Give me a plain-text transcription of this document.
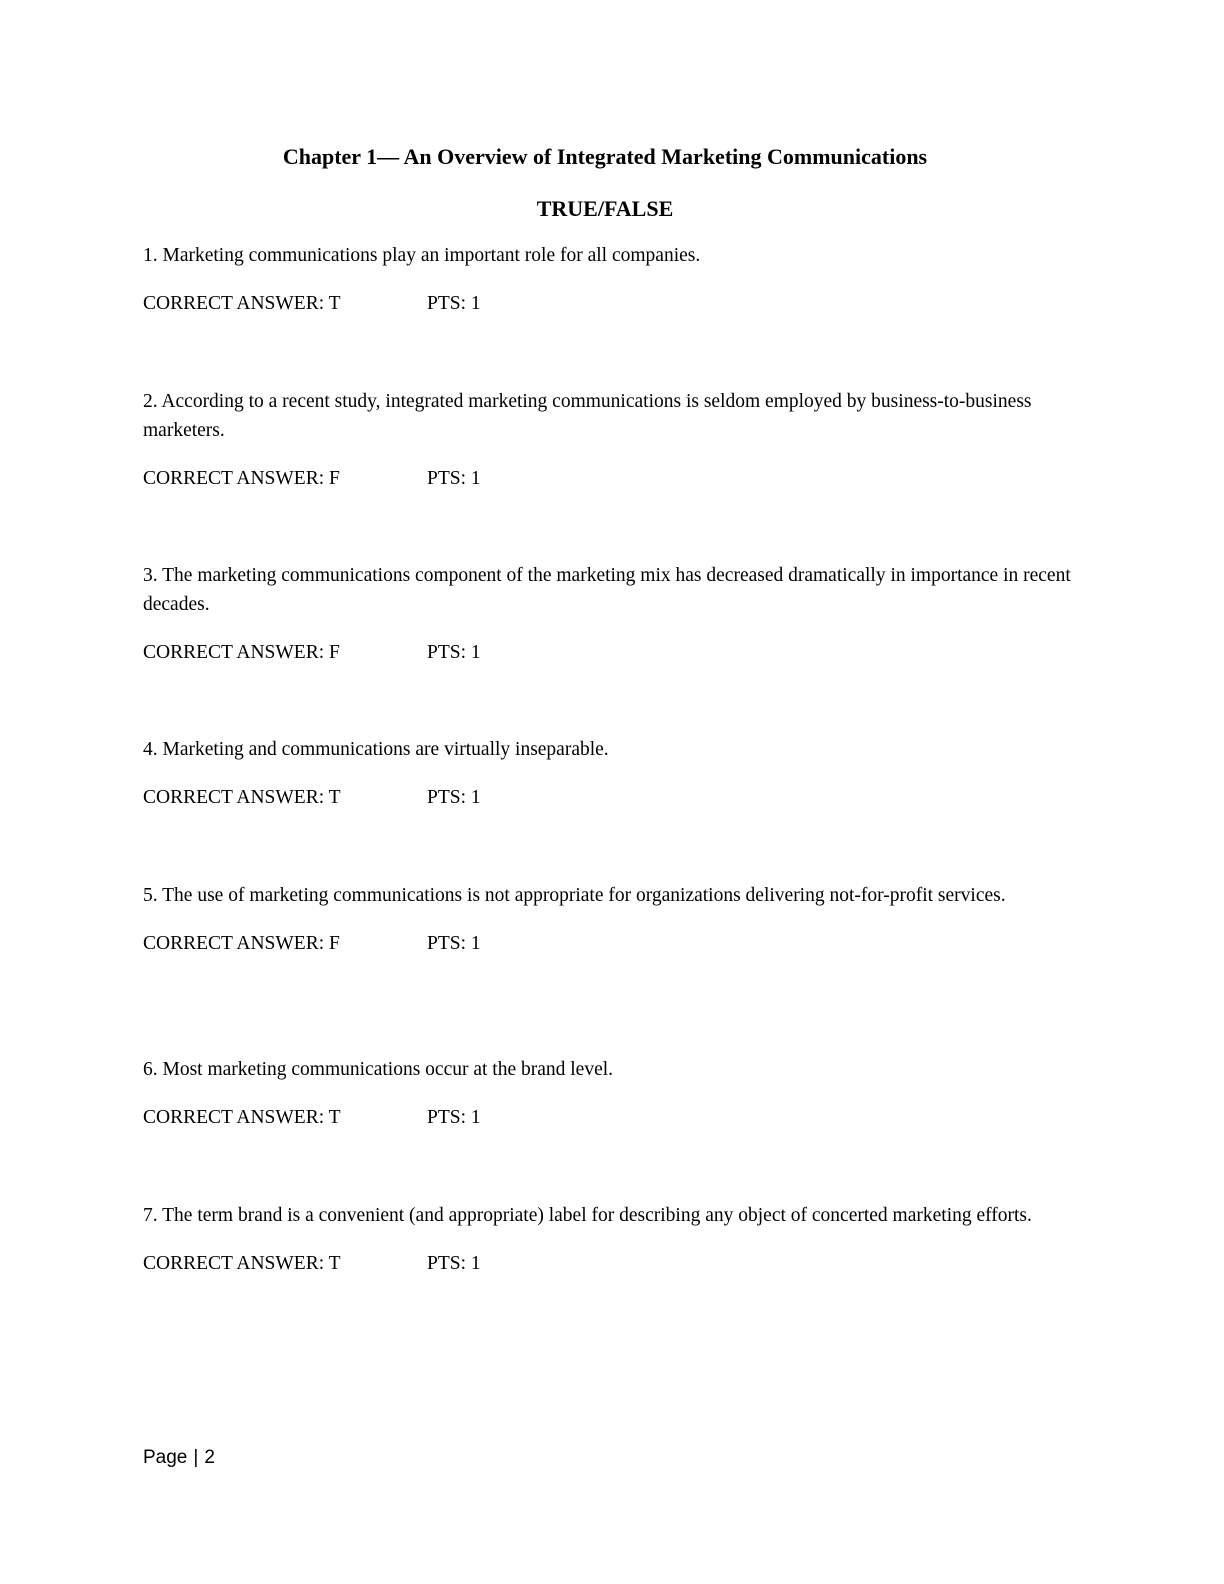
Chapter 1— An Overview of Integrated Marketing Communications
TRUE/FALSE

1. Marketing communications play an important role for all companies.

CORRECT ANSWER: T	PTS: 1

2. According to a recent study, integrated marketing communications is seldom employed by business-to-business marketers.

CORRECT ANSWER: F	PTS: 1

3. The marketing communications component of the marketing mix has decreased dramatically in importance in recent decades.

CORRECT ANSWER: F	PTS: 1

4. Marketing and communications are virtually inseparable.

CORRECT ANSWER: T	PTS: 1

5. The use of marketing communications is not appropriate for organizations delivering not-for-profit services.

CORRECT ANSWER: F	PTS: 1

6. Most marketing communications occur at the brand level.

CORRECT ANSWER: T	PTS: 1

7. The term brand is a convenient (and appropriate) label for describing any object of concerted marketing efforts.

CORRECT ANSWER: T	PTS: 1

Page | 2
